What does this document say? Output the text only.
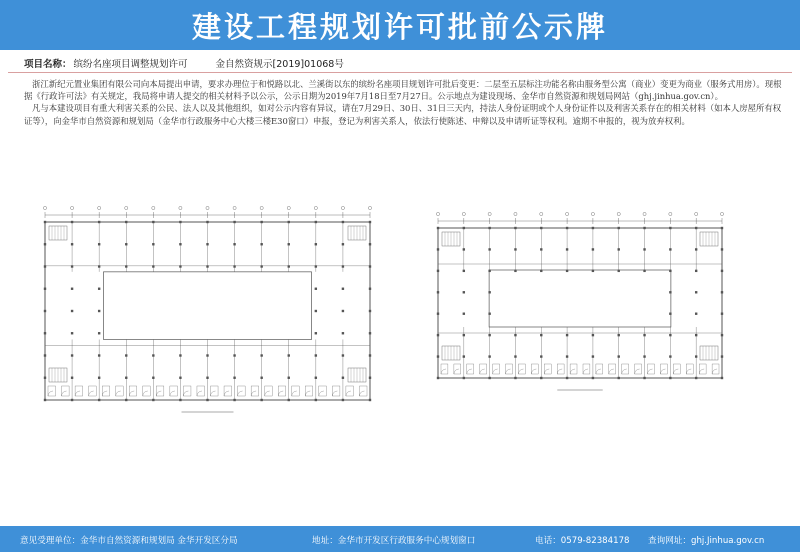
建设工程规划许可批前公示牌
项目名称： 缤纷名座项目调整规划许可	金自然资规示[2019]01068号

浙江新纪元置业集团有限公司向本局提出申请，要求办理位于和悦路以北、兰溪街以东的缤纷名座项目规划许可批后变更：二层至五层标注功能名称由服务型公寓（商业）变更为商业（服务式用房）。现根据《行政许可法》有关规定，我局将申请人提交的相关材料予以公示，公示日期为2019年7月18日至7月27日。公示地点为建设现场、金华市自然资源和规划局网站（ghj.jinhua.gov.cn）。

凡与本建设项目有重大利害关系的公民、法人以及其他组织，如对公示内容有异议，请在7月29日、30日、31日三天内，持法人身份证明或个人身份证件以及利害关系存在的相关材料（如本人房屋所有权证等），向金华市自然资源和规划局（金华市行政服务中心大楼三楼E30窗口）申报，登记为利害关系人，依法行使陈述、申辩以及申请听证等权利。逾期不申报的，视为放弃权利。

意见受理单位：金华市自然资源和规划局 金华开发区分局	地址：金华市开发区行政服务中心规划窗口	电话：0579-82384178 查询网址：ghj.Jinhua.gov.cn
